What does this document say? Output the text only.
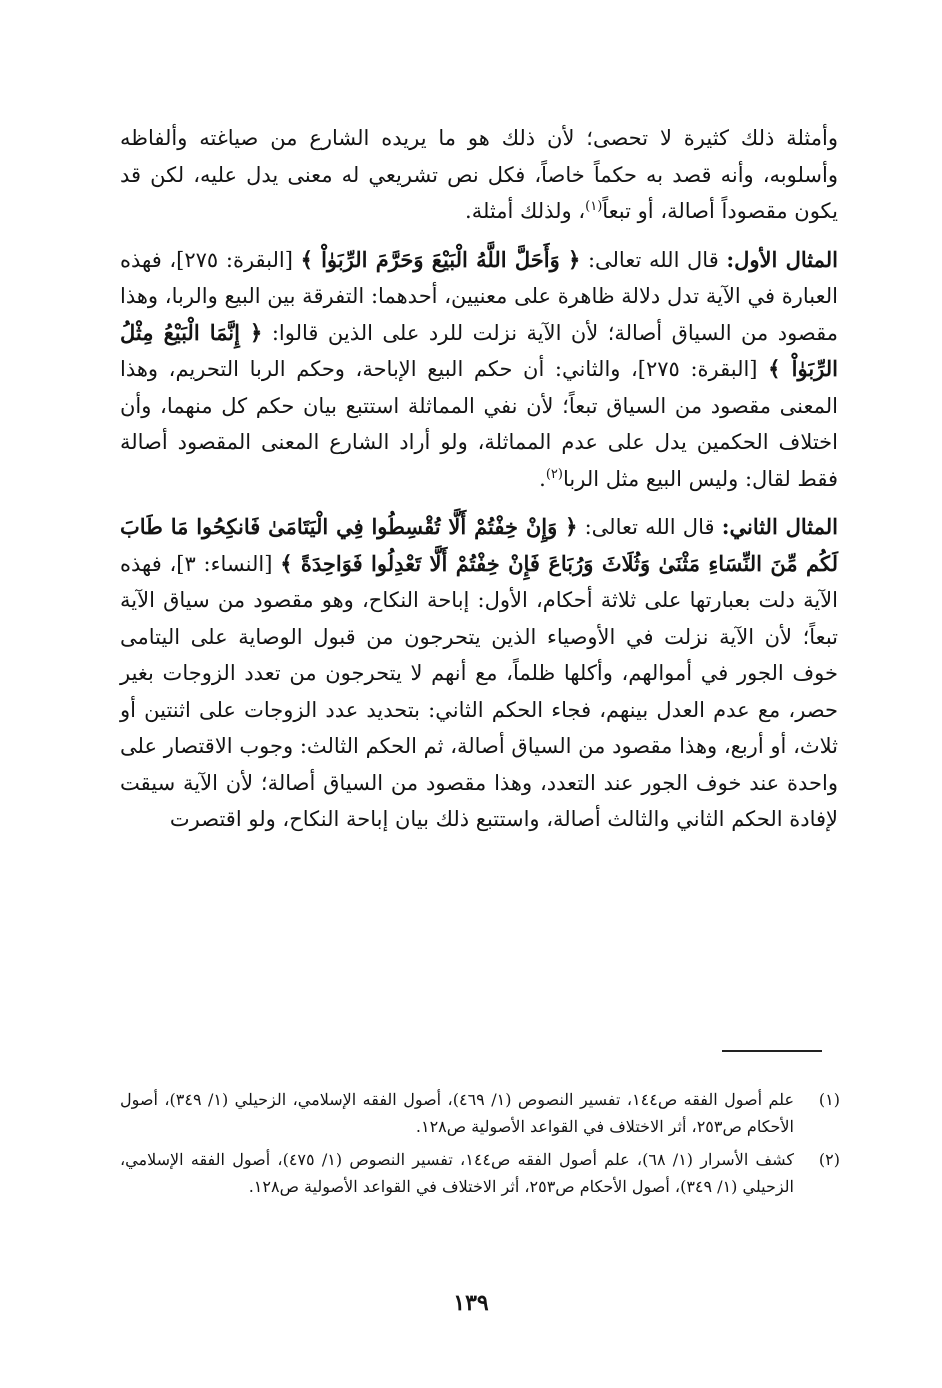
وأمثلة ذلك كثيرة لا تحصى؛ لأن ذلك هو ما يريده الشارع من صياغته وألفاظه وأسلوبه، وأنه قصد به حكماً خاصاً، فكل نص تشريعي له معنى يدل عليه، لكن قد يكون مقصوداً أصالة، أو تبعاً$^{(١)}$، ولذلك أمثلة.

المثال الأول: قال الله تعالى: ﴿ وَأَحَلَّ اللَّهُ الْبَيْعَ وَحَرَّمَ الرِّبَوٰاْ ﴾ [البقرة: ٢٧٥]، فهذه العبارة في الآية تدل دلالة ظاهرة على معنيين، أحدهما: التفرقة بين البيع والربا، وهذا مقصود من السياق أصالة؛ لأن الآية نزلت للرد على الذين قالوا: ﴿ إِنَّمَا الْبَيْعُ مِثْلُ الرِّبَوٰاْ ﴾ [البقرة: ٢٧٥]، والثاني: أن حكم البيع الإباحة، وحكم الربا التحريم، وهذا المعنى مقصود من السياق تبعاً؛ لأن نفي المماثلة استتبع بيان حكم كل منهما، وأن اختلاف الحكمين يدل على عدم المماثلة، ولو أراد الشارع المعنى المقصود أصالة فقط لقال: وليس البيع مثل الربا$^{(٢)}$.

المثال الثاني: قال الله تعالى: ﴿ وَإِنْ خِفْتُمْ أَلَّا تُقْسِطُوا فِي الْيَتَامَىٰ فَانكِحُوا مَا طَابَ لَكُم مِّنَ النِّسَاءِ مَثْنَىٰ وَثُلَاثَ وَرُبَاعَ فَإِنْ خِفْتُمْ أَلَّا تَعْدِلُوا فَوَاحِدَةً ﴾ [النساء: ٣]، فهذه الآية دلت بعبارتها على ثلاثة أحكام، الأول: إباحة النكاح، وهو مقصود من سياق الآية تبعاً؛ لأن الآية نزلت في الأوصياء الذين يتحرجون من قبول الوصاية على اليتامى خوف الجور في أموالهم، وأكلها ظلماً، مع أنهم لا يتحرجون من تعدد الزوجات بغير حصر، مع عدم العدل بينهم، فجاء الحكم الثاني: بتحديد عدد الزوجات على اثنتين أو ثلاث، أو أربع، وهذا مقصود من السياق أصالة، ثم الحكم الثالث: وجوب الاقتصار على واحدة عند خوف الجور عند التعدد، وهذا مقصود من السياق أصالة؛ لأن الآية سيقت لإفادة الحكم الثاني والثالث أصالة، واستتبع ذلك بيان إباحة النكاح، ولو اقتصرت

(١)
علم أصول الفقه ص١٤٤، تفسير النصوص (١/ ٤٦٩)، أصول الفقه الإسلامي، الزحيلي (١/ ٣٤٩)، أصول الأحكام ص٢٥٣، أثر الاختلاف في القواعد الأصولية ص١٢٨.
(٢)
كشف الأسرار (١/ ٦٨)، علم أصول الفقه ص١٤٤، تفسير النصوص (١/ ٤٧٥)، أصول الفقه الإسلامي، الزحيلي (١/ ٣٤٩)، أصول الأحكام ص٢٥٣، أثر الاختلاف في القواعد الأصولية ص١٢٨.
١٣٩
